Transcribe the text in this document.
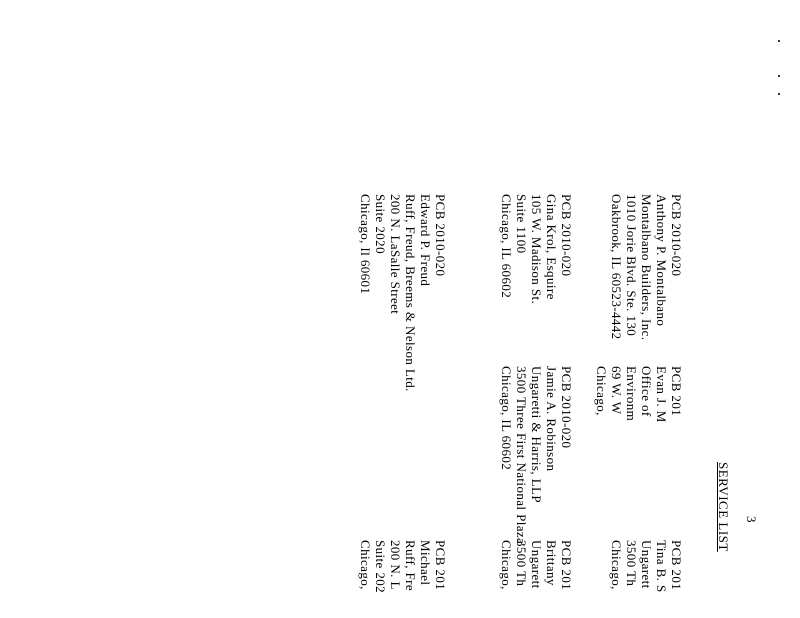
3
SERVICE LIST
PCB 2010-020
Anthony P. Montalbano
Montalbano Builders, Inc.
1010 Jorie Blvd. Ste. 130
Oakbrook, IL 60523-4442
PCB 2010-020
Gina Krol, Esquire
105 W. Madison St.
Suite 1100
Chicago, IL 60602
PCB 2010-020
Edward P. Freud
Ruff, Freud, Breems & Nelson Ltd.
200 N. LaSalle Street
Suite 2020
Chicago, Il 60601
PCB 201
Evan J. M
Office of
Environm
69 W. W
Chicago,
PCB 2010-020
Jamie A. Robinson
Ungaretti & Harris, LLP
3500 Three First National Plaza
Chicago, IL 60602
PCB 201
Tina B. S
Ungarett
3500 Th
Chicago,
PCB 201
Brittany
Ungarett
3500 Th
Chicago,
PCB 201
Michael
Ruff, Fre
200 N. L
Suite 202
Chicago,
